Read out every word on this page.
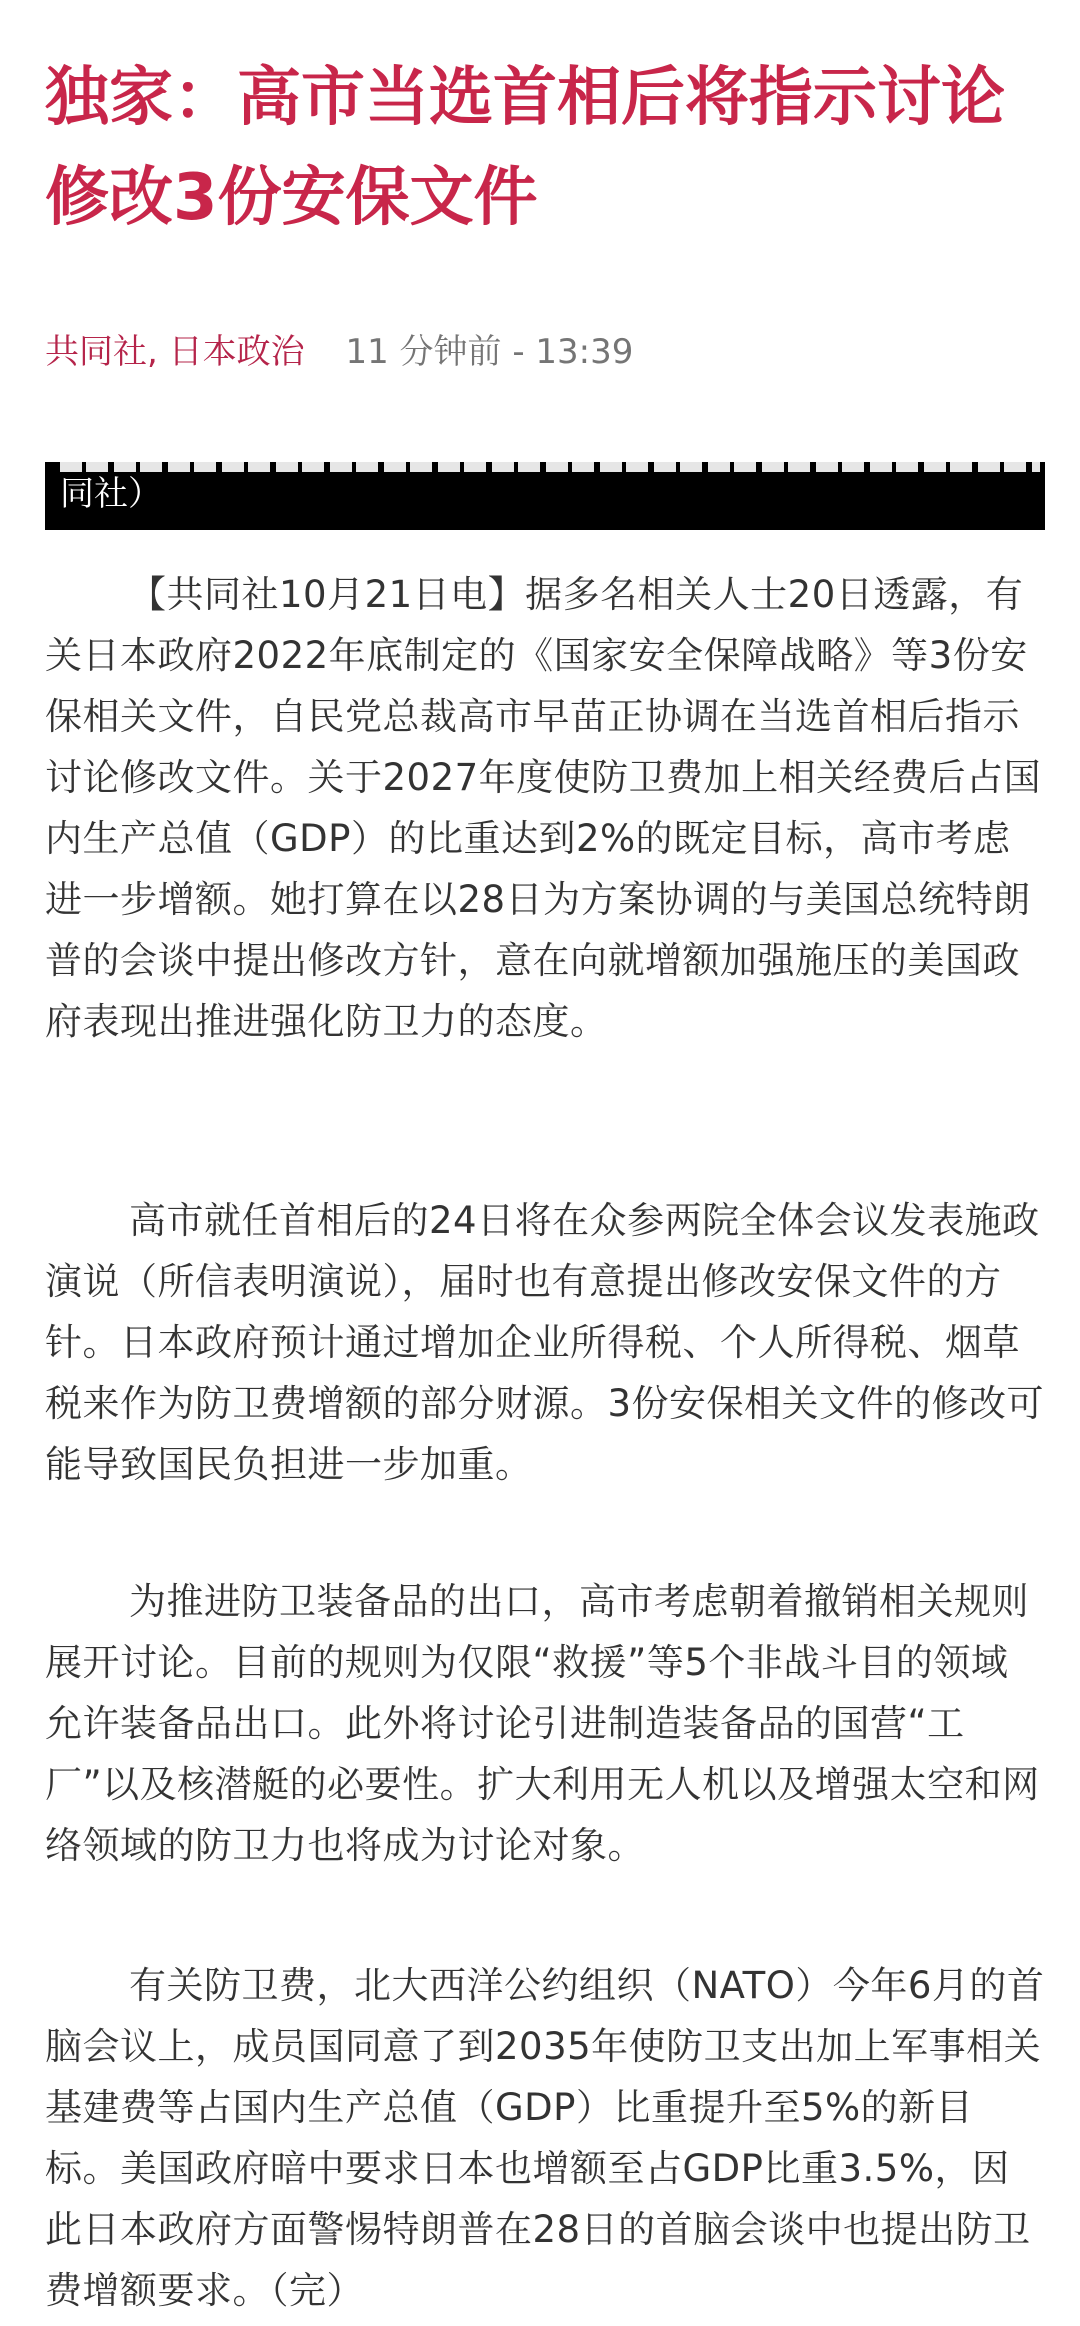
独家：高市当选首相后将指示讨论修改3份安保文件
共同社, 日本政治 11 分钟前 - 13:39

【共同社10月21日电】据多名相关人士20日透露，有关日本政府2022年底制定的《国家安全保障战略》等3份安保相关文件，自民党总裁高市早苗正协调在当选首相后指示讨论修改文件。关于2027年度使防卫费加上相关经费后占国内生产总值（GDP）的比重达到2%的既定目标，高市考虑进一步增额。她打算在以28日为方案协调的与美国总统特朗普的会谈中提出修改方针，意在向就增额加强施压的美国政府表现出推进强化防卫力的态度。

高市就任首相后的24日将在众参两院全体会议发表施政演说（所信表明演说），届时也有意提出修改安保文件的方针。日本政府预计通过增加企业所得税、个人所得税、烟草税来作为防卫费增额的部分财源。3份安保相关文件的修改可能导致国民负担进一步加重。

为推进防卫装备品的出口，高市考虑朝着撤销相关规则展开讨论。目前的规则为仅限“救援”等5个非战斗目的领域允许装备品出口。此外将讨论引进制造装备品的国营“工厂”以及核潜艇的必要性。扩大利用无人机以及增强太空和网络领域的防卫力也将成为讨论对象。

有关防卫费，北大西洋公约组织（NATO）今年6月的首脑会议上，成员国同意了到2035年使防卫支出加上军事相关基建费等占国内生产总值（GDP）比重提升至5%的新目标。美国政府暗中要求日本也增额至占GDP比重3.5%，因此日本政府方面警惕特朗普在28日的首脑会谈中也提出防卫费增额要求。（完）

同社）
